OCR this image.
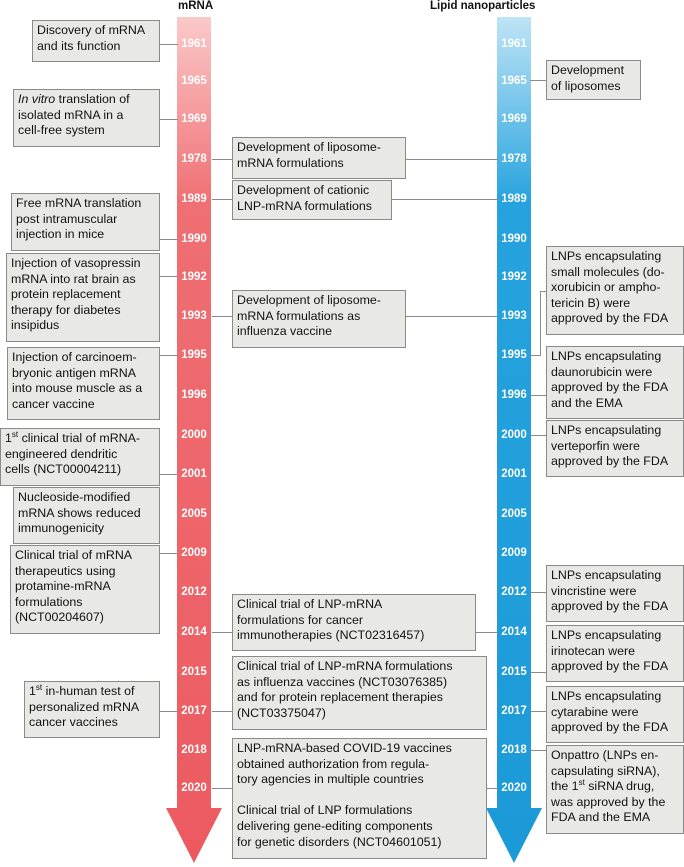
mRNA	Lipid nanoparticles
1961
1965
1969
1978
1989
1990
1992
1993
1995
1996
2000
2001
2005
2009
2012
2014
2015
2017
2018
2020
1961
1965
1969
1978
1989
1990
1992
1993
1995
1996
2000
2001
2005
2009
2012
2014
2015
2017
2018
2020
Discovery of mRNA
and its function
In vitro translation of
isolated mRNA in a
cell-free system
Free mRNA translation
post intramuscular
injection in mice
Injection of vasopressin
mRNA into rat brain as
protein replacement
therapy for diabetes
insipidus
Injection of carcinoem-
bryonic antigen mRNA
into mouse muscle as a
cancer vaccine
1st clinical trial of mRNA-
engineered dendritic
cells (NCT00004211)
Nucleoside-modified
mRNA shows reduced
immunogenicity
Clinical trial of mRNA
therapeutics using
protamine-mRNA
formulations
(NCT00204607)
1st in-human test of
personalized mRNA
cancer vaccines
Development of liposome-
mRNA formulations
Development of cationic
LNP-mRNA formulations
Development of liposome-
mRNA formulations as
influenza vaccine
Clinical trial of LNP-mRNA
formulations for cancer
immunotherapies (NCT02316457)
Clinical trial of LNP-mRNA formulations
as influenza vaccines (NCT03076385)
and for protein replacement therapies
(NCT03375047)
LNP-mRNA-based COVID-19 vaccines
obtained authorization from regula-
tory agencies in multiple countries

Clinical trial of LNP formulations
delivering gene-editing components
for genetic disorders (NCT04601051)
Development
of liposomes
LNPs encapsulating
small molecules (do-
xorubicin or ampho-
tericin B) were
approved by the FDA
LNPs encapsulating
daunorubicin were
approved by the FDA
and the EMA
LNPs encapsulating
verteporfin were
approved by the FDA
LNPs encapsulating
vincristine were
approved by the FDA
LNPs encapsulating
irinotecan were
approved by the FDA
LNPs encapsulating
cytarabine were
approved by the FDA
Onpattro (LNPs en-
capsulating siRNA),
the 1st siRNA drug,
was approved by the
FDA and the EMA
